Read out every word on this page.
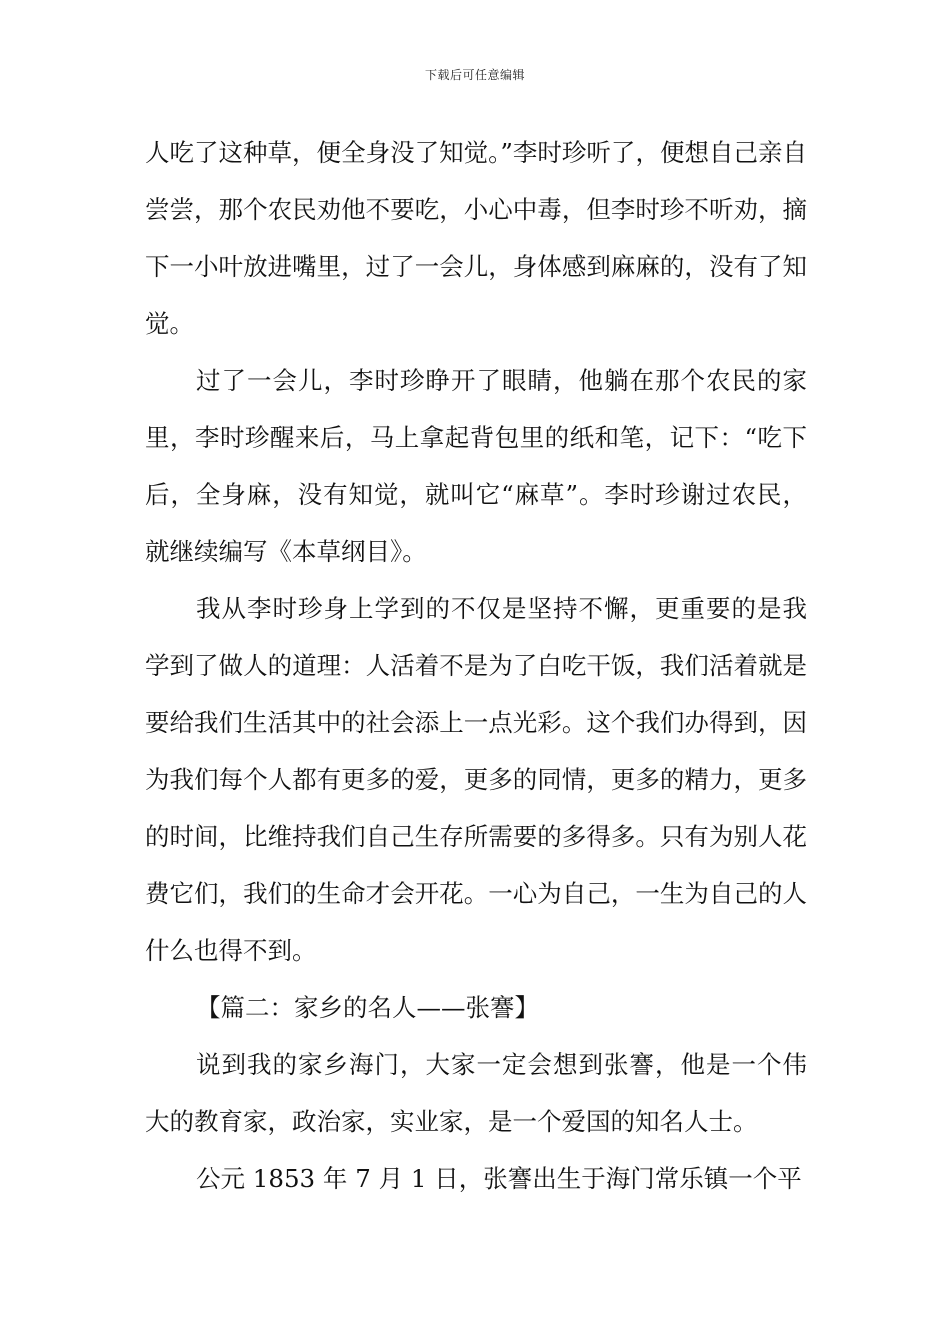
下载后可任意编辑

人吃了这种草，便全身没了知觉。”李时珍听了，便想自己亲自尝尝，那个农民劝他不要吃，小心中毒，但李时珍不听劝，摘下一小叶放进嘴里，过了一会儿，身体感到麻麻的，没有了知觉。

过了一会儿，李时珍睁开了眼睛，他躺在那个农民的家里，李时珍醒来后，马上拿起背包里的纸和笔，记下：“吃下后，全身麻，没有知觉，就叫它“麻草”。李时珍谢过农民，就继续编写《本草纲目》。

我从李时珍身上学到的不仅是坚持不懈，更重要的是我学到了做人的道理：人活着不是为了白吃干饭，我们活着就是要给我们生活其中的社会添上一点光彩。这个我们办得到，因为我们每个人都有更多的爱，更多的同情，更多的精力，更多的时间，比维持我们自己生存所需要的多得多。只有为别人花费它们，我们的生命才会开花。一心为自己，一生为自己的人什么也得不到。

【篇二：家乡的名人——张謇】

说到我的家乡海门，大家一定会想到张謇，他是一个伟大的教育家，政治家，实业家，是一个爱国的知名人士。

公元 1853 年 7 月 1 日，张謇出生于海门常乐镇一个平
